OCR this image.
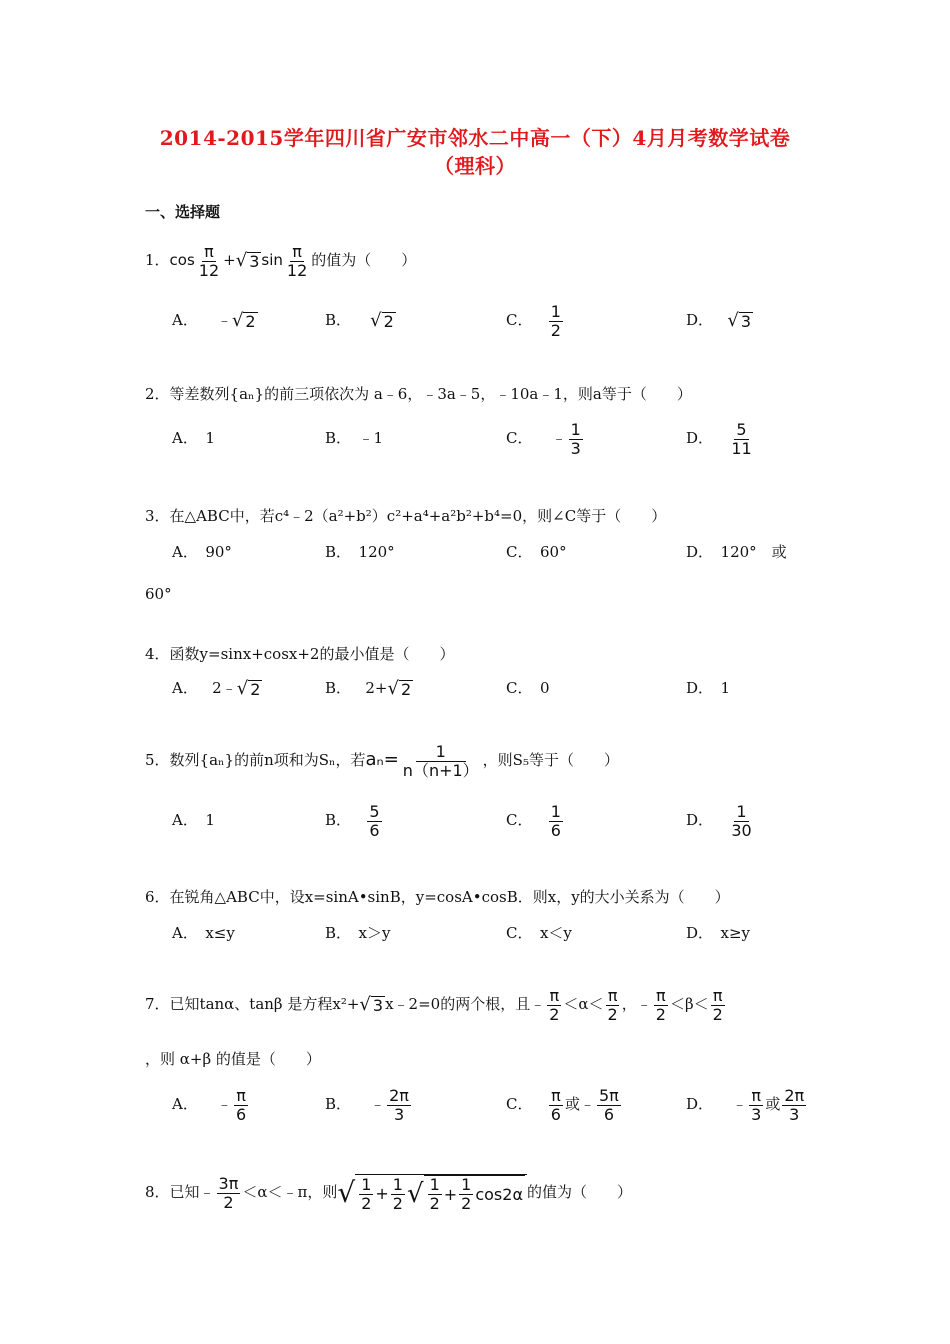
2014-2015学年四川省广安市邻水二中高一（下）4月月考数学试卷
（理科）
一、选择题
1．$\cos \frac{\pi}{12}$ + √ 3 $\sin \frac{\pi}{12}$ 的值为（　　）
A． ﹣ √ 2	B． √ 2	C． $\frac{1}{2}$	D． √ 3
2．等差数列{aₙ}的前三项依次为 a﹣6，﹣3a﹣5，﹣10a﹣1，则a等于（　　）
A．　1	B．　﹣1	C． ﹣ $\frac{1}{3}$	D． $\frac{5}{11}$
3．在△ABC中，若c⁴﹣2（a²+b²）c²+a⁴+a²b²+b⁴=0，则∠C等于（　　）
A．　90°	B．　120°	C．　60°	D．　120°　或
60°
4．函数y=sinx+cosx+2的最小值是（　　）
A． 2﹣ √ 2	B． 2+ √ 2	C．　0	D．　1
5．数列{aₙ}的前n项和为Sₙ，若$a_n= \frac{1}{n(n+1)}$ ，则S₅等于（　　）
A．　1	B． $\frac{5}{6}$	C． $\frac{1}{6}$	D． $\frac{1}{30}$
6．在锐角△ABC中，设x=sinA•sinB，y=cosA•cosB．则x，y的大小关系为（　　）
A．　x≤y	B．　x＞y	C．　x＜y	D．　x≥y
7．已知tanα、tanβ 是方程x²+ √ 3 x﹣2=0的两个根，且﹣ $\frac{\pi}{2} <\alpha< \frac{\pi}{2}$ ，﹣ $\frac{\pi}{2} <\beta< \frac{\pi}{2}$
，则 α+β 的值是（　　）
A． ﹣ $\frac{\pi}{6}$	B． ﹣ $\frac{2\pi}{3}$	C． $\frac{\pi}{6}$ 或﹣ $\frac{5\pi}{6}$	D． ﹣ $\frac{\pi}{3}$ 或 $\frac{2\pi}{3}$
8．已知﹣ $\frac{3\pi}{2}$ ＜α＜﹣π，则 √ $\frac{1}{2} + \frac{1}{2}$ √ $\frac{1}{2} + \frac{1}{2} \cos 2\alpha$ 的值为（　　）
